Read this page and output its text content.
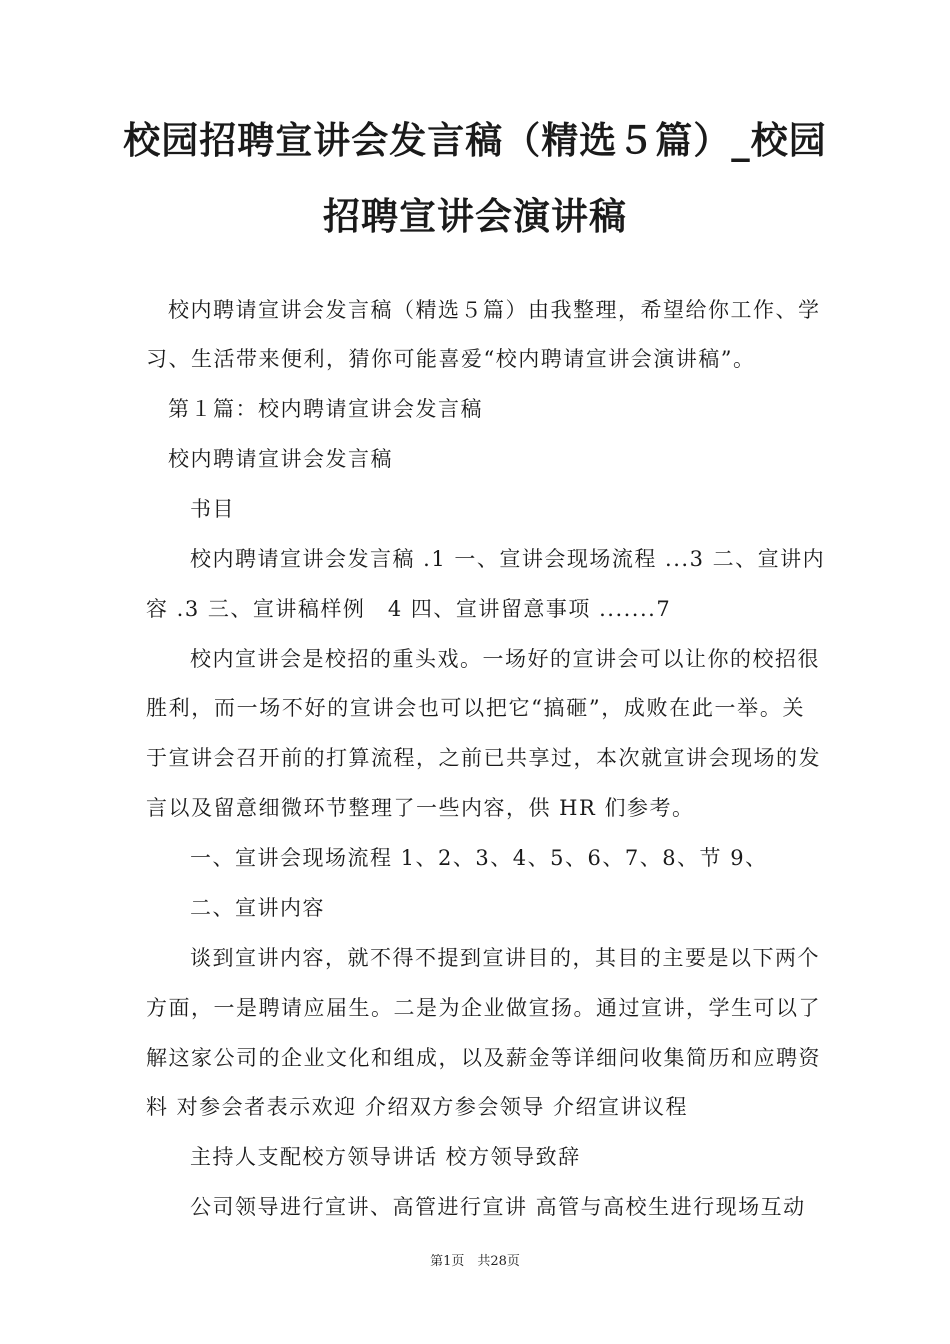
校园招聘宣讲会发言稿（精选５篇）_校园
招聘宣讲会演讲稿
校内聘请宣讲会发言稿（精选５篇）由我整理，希望给你工作、学
习、生活带来便利，猜你可能喜爱“校内聘请宣讲会演讲稿”。
第１篇：校内聘请宣讲会发言稿
校内聘请宣讲会发言稿
书目
校内聘请宣讲会发言稿 .1 一、宣讲会现场流程 ...3 二、宣讲内
容 .3 三、宣讲稿样例　4 四、宣讲留意事项 .......7
校内宣讲会是校招的重头戏。一场好的宣讲会可以让你的校招很
胜利，而一场不好的宣讲会也可以把它“搞砸”，成败在此一举。关
于宣讲会召开前的打算流程，之前已共享过，本次就宣讲会现场的发
言以及留意细微环节整理了一些内容，供 HR 们参考。
一、宣讲会现场流程 1、2、3、4、5、6、7、8、节 9、
二、宣讲内容
谈到宣讲内容，就不得不提到宣讲目的，其目的主要是以下两个
方面，一是聘请应届生。二是为企业做宣扬。通过宣讲，学生可以了
解这家公司的企业文化和组成，以及薪金等详细问收集简历和应聘资
料 对参会者表示欢迎 介绍双方参会领导 介绍宣讲议程
主持人支配校方领导讲话 校方领导致辞
公司领导进行宣讲、高管进行宣讲 高管与高校生进行现场互动
第1页　共28页
